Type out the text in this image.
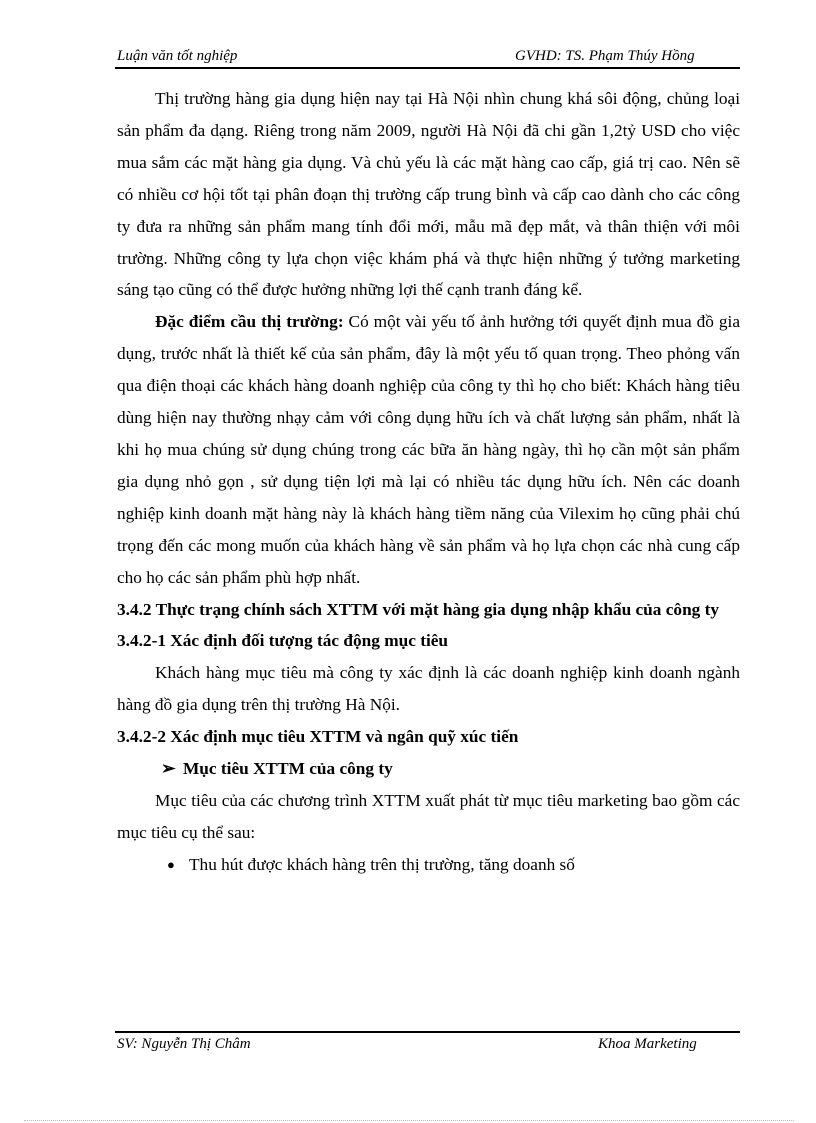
Luận văn tốt nghiệp	GVHD: TS. Phạm Thúy Hồng

Thị trường hàng gia dụng hiện nay tại Hà Nội nhìn chung khá sôi động, chủng loại sản phẩm đa dạng. Riêng trong năm 2009, người Hà Nội đã chi gần 1,2tỷ USD cho việc mua sắm các mặt hàng gia dụng. Và chủ yếu là các mặt hàng cao cấp, giá trị cao. Nên sẽ có nhiều cơ hội tốt tại phân đoạn thị trường cấp trung bình và cấp cao dành cho các công ty đưa ra những sản phẩm mang tính đổi mới, mẫu mã đẹp mắt, và thân thiện với môi trường. Những công ty lựa chọn việc khám phá và thực hiện những ý tưởng marketing sáng tạo cũng có thể được hưởng những lợi thế cạnh tranh đáng kể.

Đặc điểm cầu thị trường: Có một vài yếu tố ảnh hưởng tới quyết định mua đồ gia dụng, trước nhất là thiết kế của sản phẩm, đây là một yếu tố quan trọng. Theo phỏng vấn qua điện thoại các khách hàng doanh nghiệp của công ty thì họ cho biết: Khách hàng tiêu dùng hiện nay thường nhạy cảm với công dụng hữu ích và chất lượng sản phẩm, nhất là khi họ mua chúng sử dụng chúng trong các bữa ăn hàng ngày, thì họ cần một sản phẩm gia dụng nhỏ gọn , sử dụng tiện lợi mà lại có nhiều tác dụng hữu ích. Nên các doanh nghiệp kinh doanh mặt hàng này là khách hàng tiềm năng của Vilexim họ cũng phải chú trọng đến các mong muốn của khách hàng về sản phẩm và họ lựa chọn các nhà cung cấp cho họ các sản phẩm phù hợp nhất.

3.4.2 Thực trạng chính sách XTTM với mặt hàng gia dụng nhập khẩu của công ty

3.4.2-1 Xác định đối tượng tác động mục tiêu

Khách hàng mục tiêu mà công ty xác định là các doanh nghiệp kinh doanh ngành hàng đồ gia dụng trên thị trường Hà Nội.

3.4.2-2 Xác định mục tiêu XTTM và ngân quỹ xúc tiến

➢ Mục tiêu XTTM của công ty

Mục tiêu của các chương trình XTTM xuất phát từ mục tiêu marketing bao gồm các mục tiêu cụ thể sau:

● Thu hút được khách hàng trên thị trường, tăng doanh số

SV: Nguyễn Thị Châm	Khoa Marketing
